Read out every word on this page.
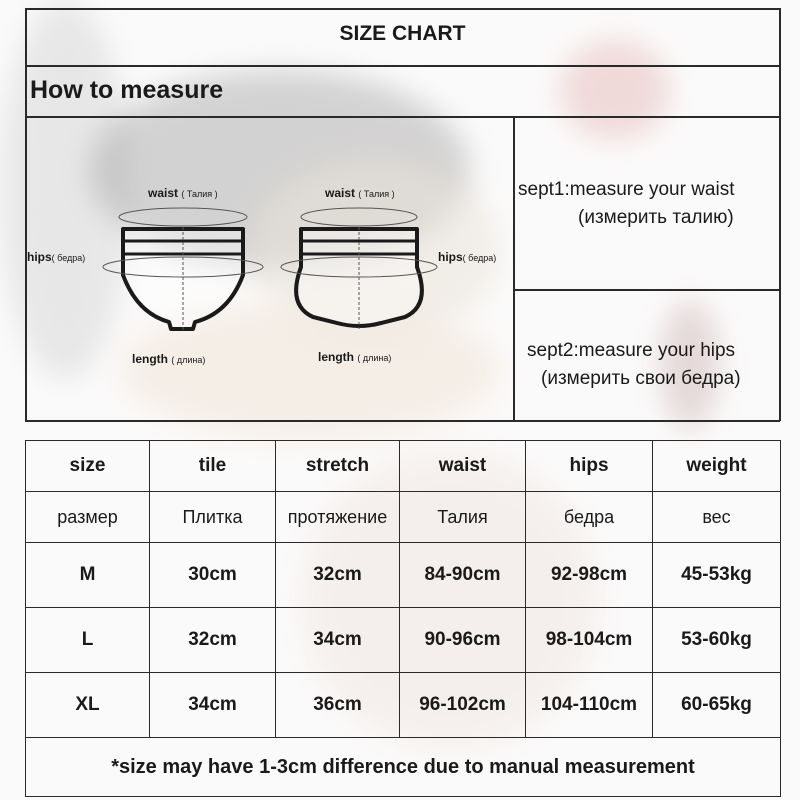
SIZE CHART
How to measure
waist ( Талия )
hips( бедра)
length ( длина)
waist ( Талия )
hips( бедра)
length ( длина)
sept1:measure your waist
(измерить талию)
sept2:measure your hips
(измерить свои бедра)
size	tile	stretch	waist	hips	weight
размер	Плитка	протяжение	Талия	бедра	вес
M	30cm	32cm	84-90cm	92-98cm	45-53kg
L	32cm	34cm	90-96cm	98-104cm	53-60kg
XL	34cm	36cm	96-102cm	104-110cm	60-65kg
*size may have 1-3cm difference due to manual measurement					
